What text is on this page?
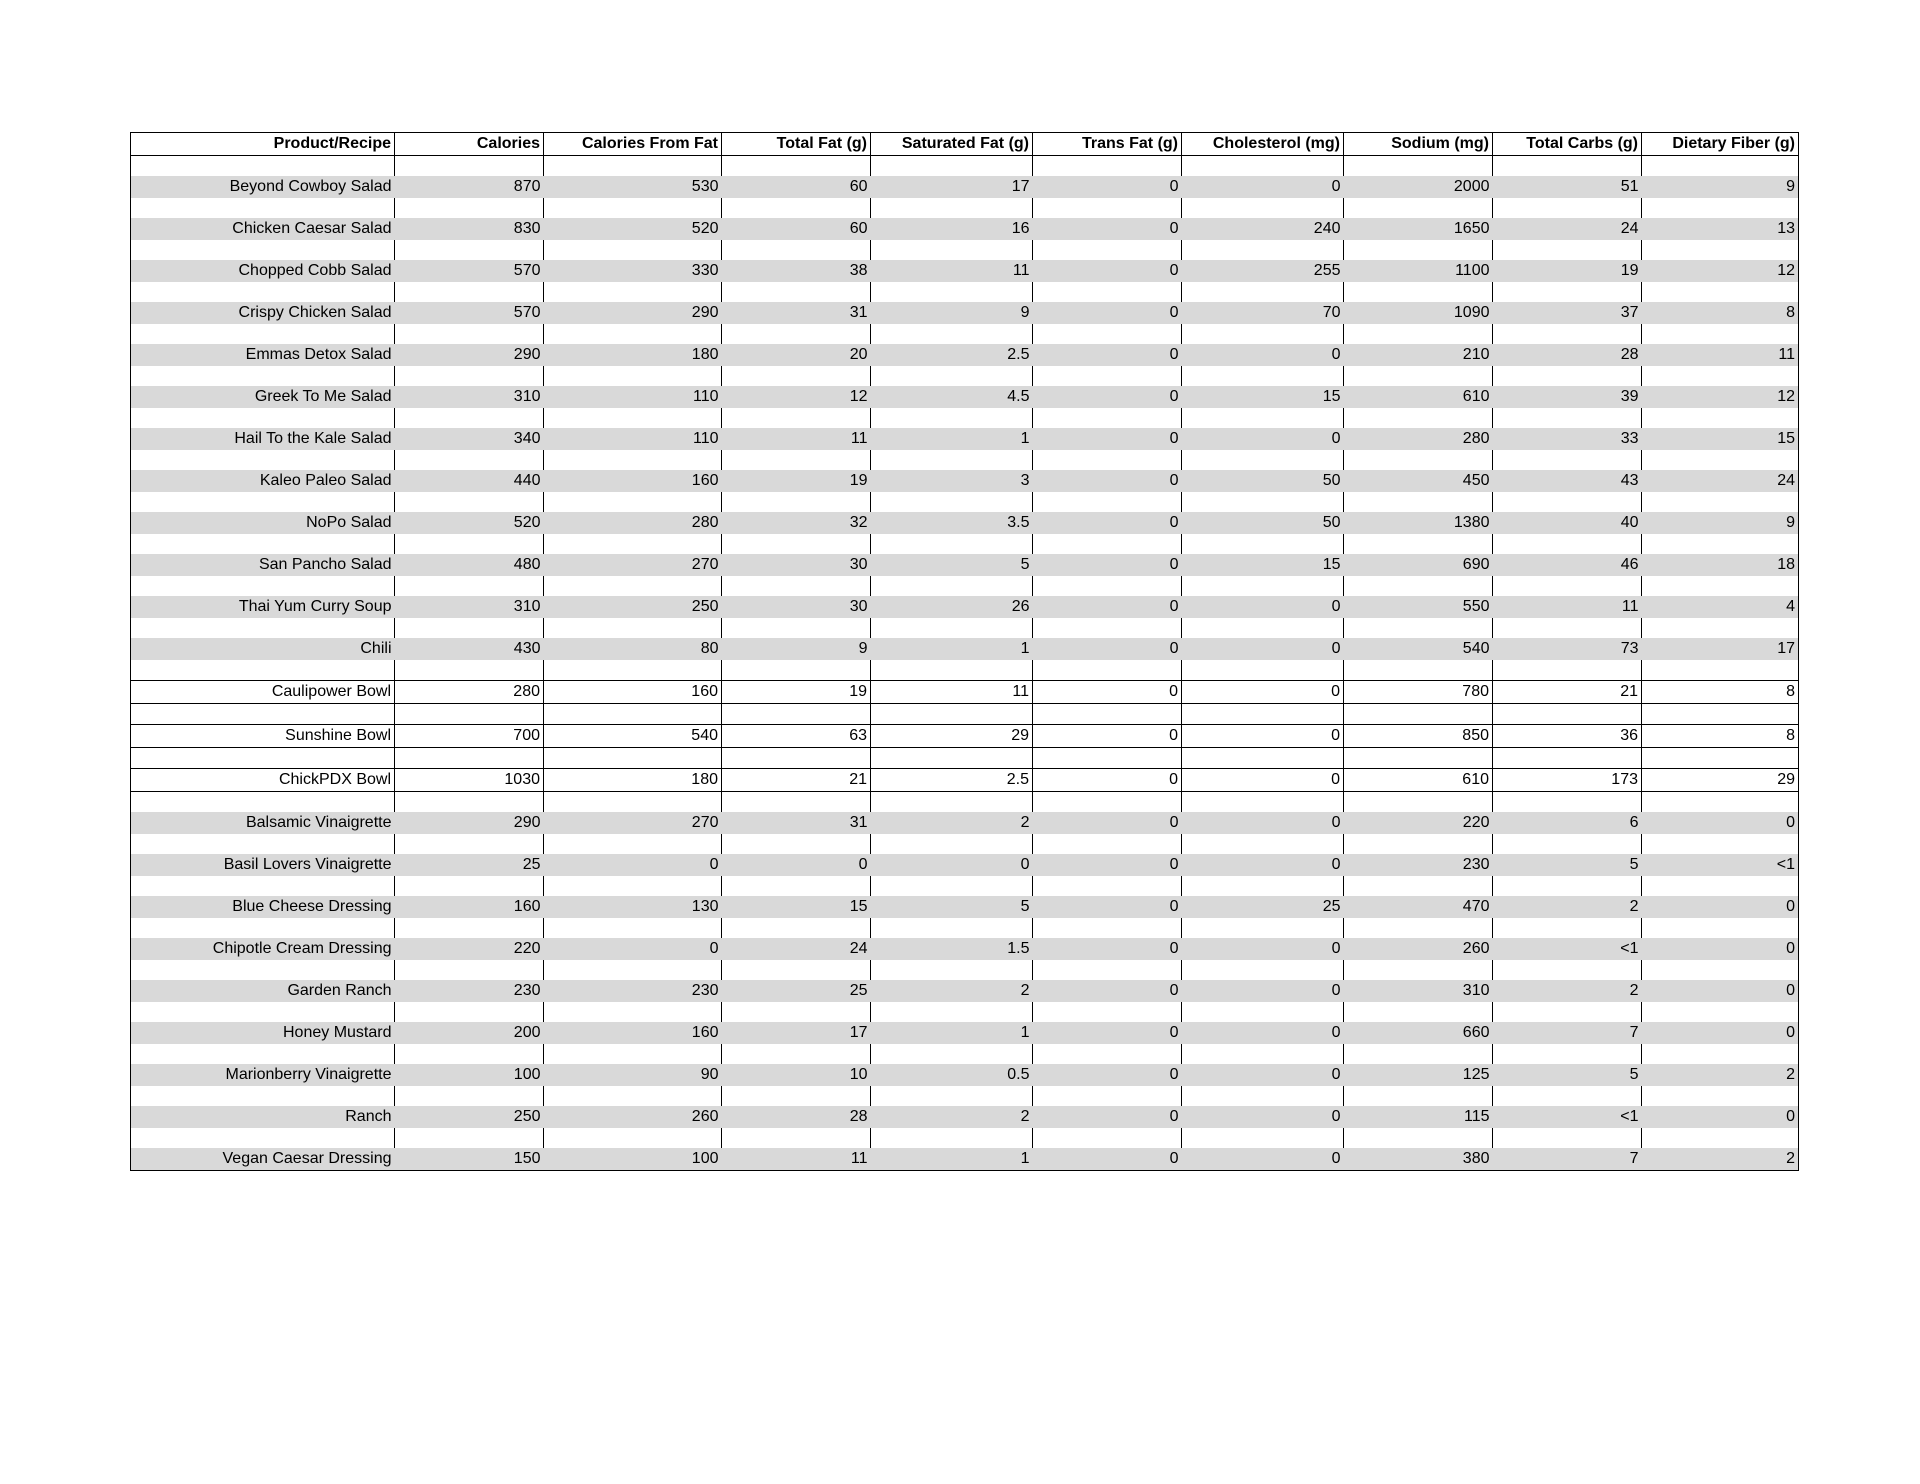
Product/Recipe	Calories	Calories From Fat	Total Fat (g)	Saturated Fat (g)	Trans Fat (g)	Cholesterol (mg)	Sodium (mg)	Total Carbs (g)	Dietary Fiber (g)

Beyond Cowboy Salad	870	530	60	17	0	0	2000	51	9

Chicken Caesar Salad	830	520	60	16	0	240	1650	24	13

Chopped Cobb Salad	570	330	38	11	0	255	1100	19	12

Crispy Chicken Salad	570	290	31	9	0	70	1090	37	8

Emmas Detox Salad	290	180	20	2.5	0	0	210	28	11

Greek To Me Salad	310	110	12	4.5	0	15	610	39	12

Hail To the Kale Salad	340	110	11	1	0	0	280	33	15

Kaleo Paleo Salad	440	160	19	3	0	50	450	43	24

NoPo Salad	520	280	32	3.5	0	50	1380	40	9

San Pancho Salad	480	270	30	5	0	15	690	46	18

Thai Yum Curry Soup	310	250	30	26	0	0	550	11	4

Chili	430	80	9	1	0	0	540	73	17

Caulipower Bowl	280	160	19	11	0	0	780	21	8

Sunshine Bowl	700	540	63	29	0	0	850	36	8

ChickPDX Bowl	1030	180	21	2.5	0	0	610	173	29

Balsamic Vinaigrette	290	270	31	2	0	0	220	6	0

Basil Lovers Vinaigrette	25	0	0	0	0	0	230	5	<1

Blue Cheese Dressing	160	130	15	5	0	25	470	2	0

Chipotle Cream Dressing	220	0	24	1.5	0	0	260	<1	0

Garden Ranch	230	230	25	2	0	0	310	2	0

Honey Mustard	200	160	17	1	0	0	660	7	0

Marionberry Vinaigrette	100	90	10	0.5	0	0	125	5	2

Ranch	250	260	28	2	0	0	115	<1	0

Vegan Caesar Dressing	150	100	11	1	0	0	380	7	2
